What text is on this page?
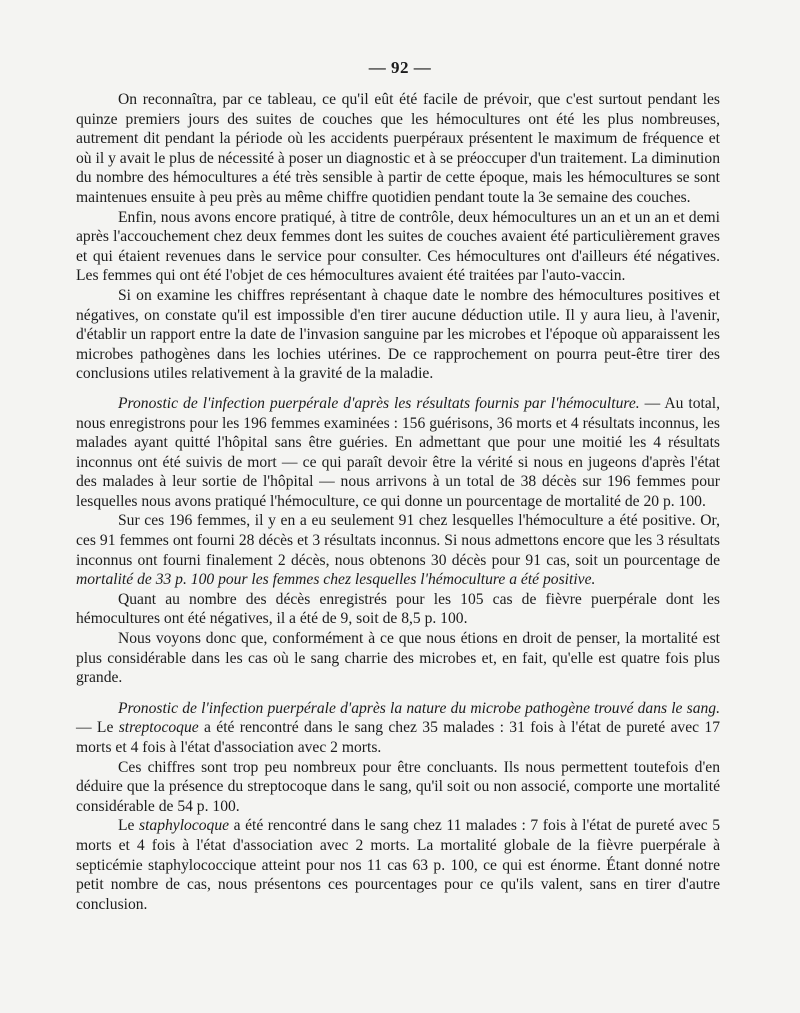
— 92 —

On reconnaîtra, par ce tableau, ce qu'il eût été facile de prévoir, que c'est surtout pendant les quinze premiers jours des suites de couches que les hémocultures ont été les plus nombreuses, autrement dit pendant la période où les accidents puerpéraux présentent le maximum de fréquence et où il y avait le plus de nécessité à poser un diagnostic et à se préoccuper d'un traitement. La diminution du nombre des hémocultures a été très sensible à partir de cette époque, mais les hémocultures se sont maintenues ensuite à peu près au même chiffre quotidien pendant toute la 3e semaine des couches.

Enfin, nous avons encore pratiqué, à titre de contrôle, deux hémocultures un an et un an et demi après l'accouchement chez deux femmes dont les suites de couches avaient été particulièrement graves et qui étaient revenues dans le service pour consulter. Ces hémocultures ont d'ailleurs été négatives. Les femmes qui ont été l'objet de ces hémocultures avaient été traitées par l'auto-vaccin.

Si on examine les chiffres représentant à chaque date le nombre des hémocultures positives et négatives, on constate qu'il est impossible d'en tirer aucune déduction utile. Il y aura lieu, à l'avenir, d'établir un rapport entre la date de l'invasion sanguine par les microbes et l'époque où apparaissent les microbes pathogènes dans les lochies utérines. De ce rapprochement on pourra peut-être tirer des conclusions utiles relativement à la gravité de la maladie.

Pronostic de l'infection puerpérale d'après les résultats fournis par l'hémoculture. — Au total, nous enregistrons pour les 196 femmes examinées : 156 guérisons, 36 morts et 4 résultats inconnus, les malades ayant quitté l'hôpital sans être guéries. En admettant que pour une moitié les 4 résultats inconnus ont été suivis de mort — ce qui paraît devoir être la vérité si nous en jugeons d'après l'état des malades à leur sortie de l'hôpital — nous arrivons à un total de 38 décès sur 196 femmes pour lesquelles nous avons pratiqué l'hémoculture, ce qui donne un pourcentage de mortalité de 20 p. 100.

Sur ces 196 femmes, il y en a eu seulement 91 chez lesquelles l'hémoculture a été positive. Or, ces 91 femmes ont fourni 28 décès et 3 résultats inconnus. Si nous admettons encore que les 3 résultats inconnus ont fourni finalement 2 décès, nous obtenons 30 décès pour 91 cas, soit un pourcentage de mortalité de 33 p. 100 pour les femmes chez lesquelles l'hémoculture a été positive.

Quant au nombre des décès enregistrés pour les 105 cas de fièvre puerpérale dont les hémocultures ont été négatives, il a été de 9, soit de 8,5 p. 100.

Nous voyons donc que, conformément à ce que nous étions en droit de penser, la mortalité est plus considérable dans les cas où le sang charrie des microbes et, en fait, qu'elle est quatre fois plus grande.

Pronostic de l'infection puerpérale d'après la nature du microbe pathogène trouvé dans le sang. — Le streptocoque a été rencontré dans le sang chez 35 malades : 31 fois à l'état de pureté avec 17 morts et 4 fois à l'état d'association avec 2 morts.

Ces chiffres sont trop peu nombreux pour être concluants. Ils nous permettent toutefois d'en déduire que la présence du streptocoque dans le sang, qu'il soit ou non associé, comporte une mortalité considérable de 54 p. 100.

Le staphylocoque a été rencontré dans le sang chez 11 malades : 7 fois à l'état de pureté avec 5 morts et 4 fois à l'état d'association avec 2 morts. La mortalité globale de la fièvre puerpérale à septicémie staphylococcique atteint pour nos 11 cas 63 p. 100, ce qui est énorme. Étant donné notre petit nombre de cas, nous présentons ces pourcentages pour ce qu'ils valent, sans en tirer d'autre conclusion.
